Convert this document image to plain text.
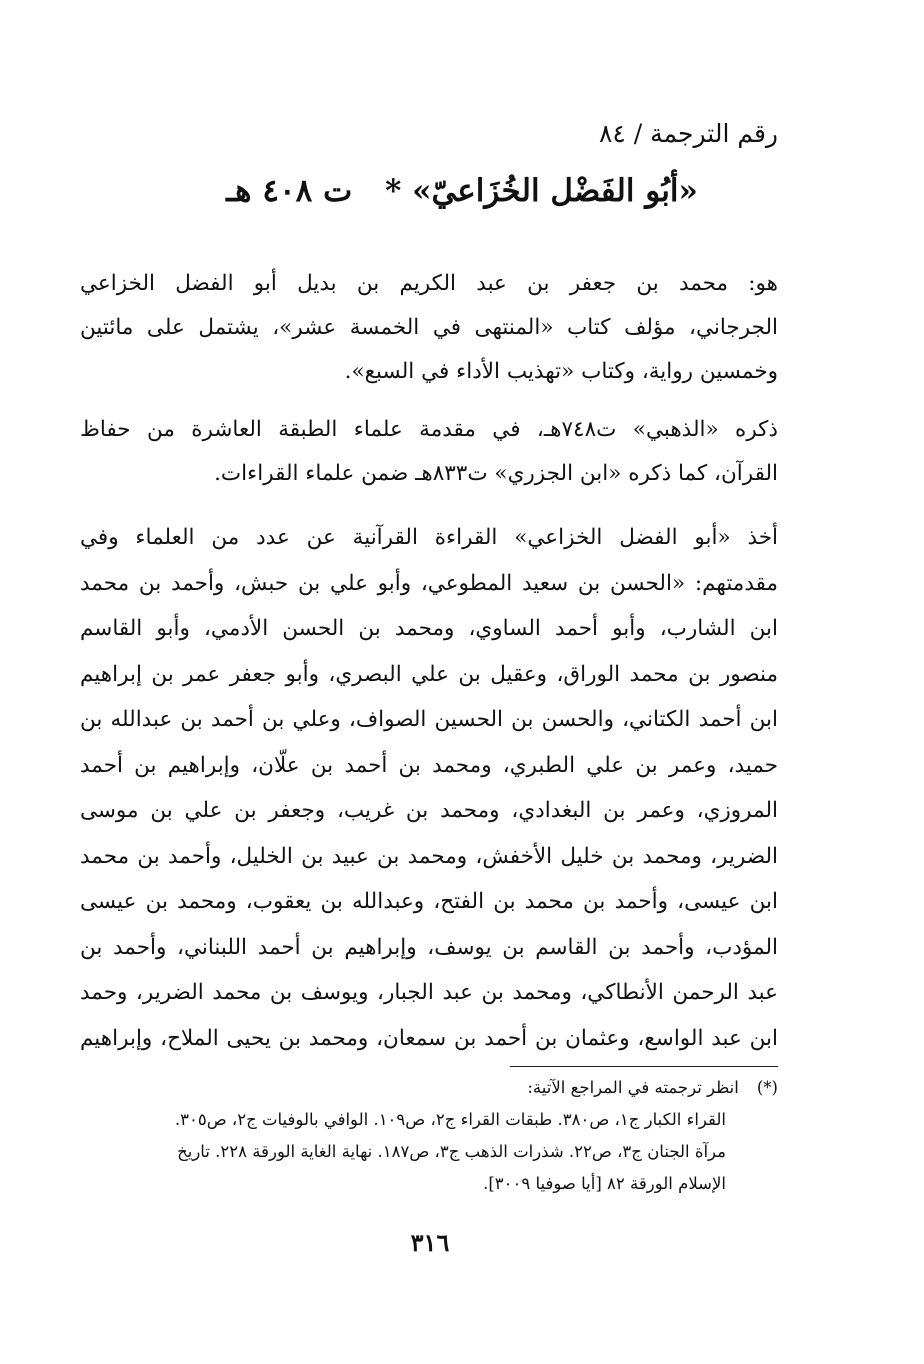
رقم الترجمة / ٨٤
«أبُو الفَضْل الخُزَاعيّ» * ت ٤٠٨ هـ
هو: محمد بن جعفر بن عبد الكريم بن بديل أبو الفضل الخزاعي
الجرجاني، مؤلف كتاب «المنتهى في الخمسة عشر»، يشتمل على مائتين
وخمسين رواية، وكتاب «تهذيب الأداء في السبع».
ذكره «الذهبي» ت٧٤٨هـ، في مقدمة علماء الطبقة العاشرة من حفاظ
القرآن، كما ذكره «ابن الجزري» ت٨٣٣هـ ضمن علماء القراءات.
أخذ «أبو الفضل الخزاعي» القراءة القرآنية عن عدد من العلماء وفي
مقدمتهم: «الحسن بن سعيد المطوعي، وأبو علي بن حبش، وأحمد بن محمد
ابن الشارب، وأبو أحمد الساوي، ومحمد بن الحسن الأدمي، وأبو القاسم
منصور بن محمد الوراق، وعقيل بن علي البصري، وأبو جعفر عمر بن إبراهيم
ابن أحمد الكتاني، والحسن بن الحسين الصواف، وعلي بن أحمد بن عبدالله بن
حميد، وعمر بن علي الطبري، ومحمد بن أحمد بن علّان، وإبراهيم بن أحمد
المروزي، وعمر بن البغدادي، ومحمد بن غريب، وجعفر بن علي بن موسى
الضرير، ومحمد بن خليل الأخفش، ومحمد بن عبيد بن الخليل، وأحمد بن محمد
ابن عيسى، وأحمد بن محمد بن الفتح، وعبدالله بن يعقوب، ومحمد بن عيسى
المؤدب، وأحمد بن القاسم بن يوسف، وإبراهيم بن أحمد اللبناني، وأحمد بن
عبد الرحمن الأنطاكي، ومحمد بن عبد الجبار، ويوسف بن محمد الضرير، وحمد
ابن عبد الواسع، وعثمان بن أحمد بن سمعان، ومحمد بن يحيى الملاح، وإبراهيم
(*)انظر ترجمته في المراجع الآتية:
القراء الكبار ج١، ص٣٨٠. طبقات القراء ج٢، ص١٠٩. الوافي بالوفيات ج٢، ص٣٠٥.
مرآة الجنان ج٣، ص٢٢. شذرات الذهب ج٣، ص١٨٧. نهاية الغاية الورقة ٢٢٨. تاريخ
الإسلام الورقة ٨٢ [أيا صوفيا ٣٠٠٩].
٣١٦
